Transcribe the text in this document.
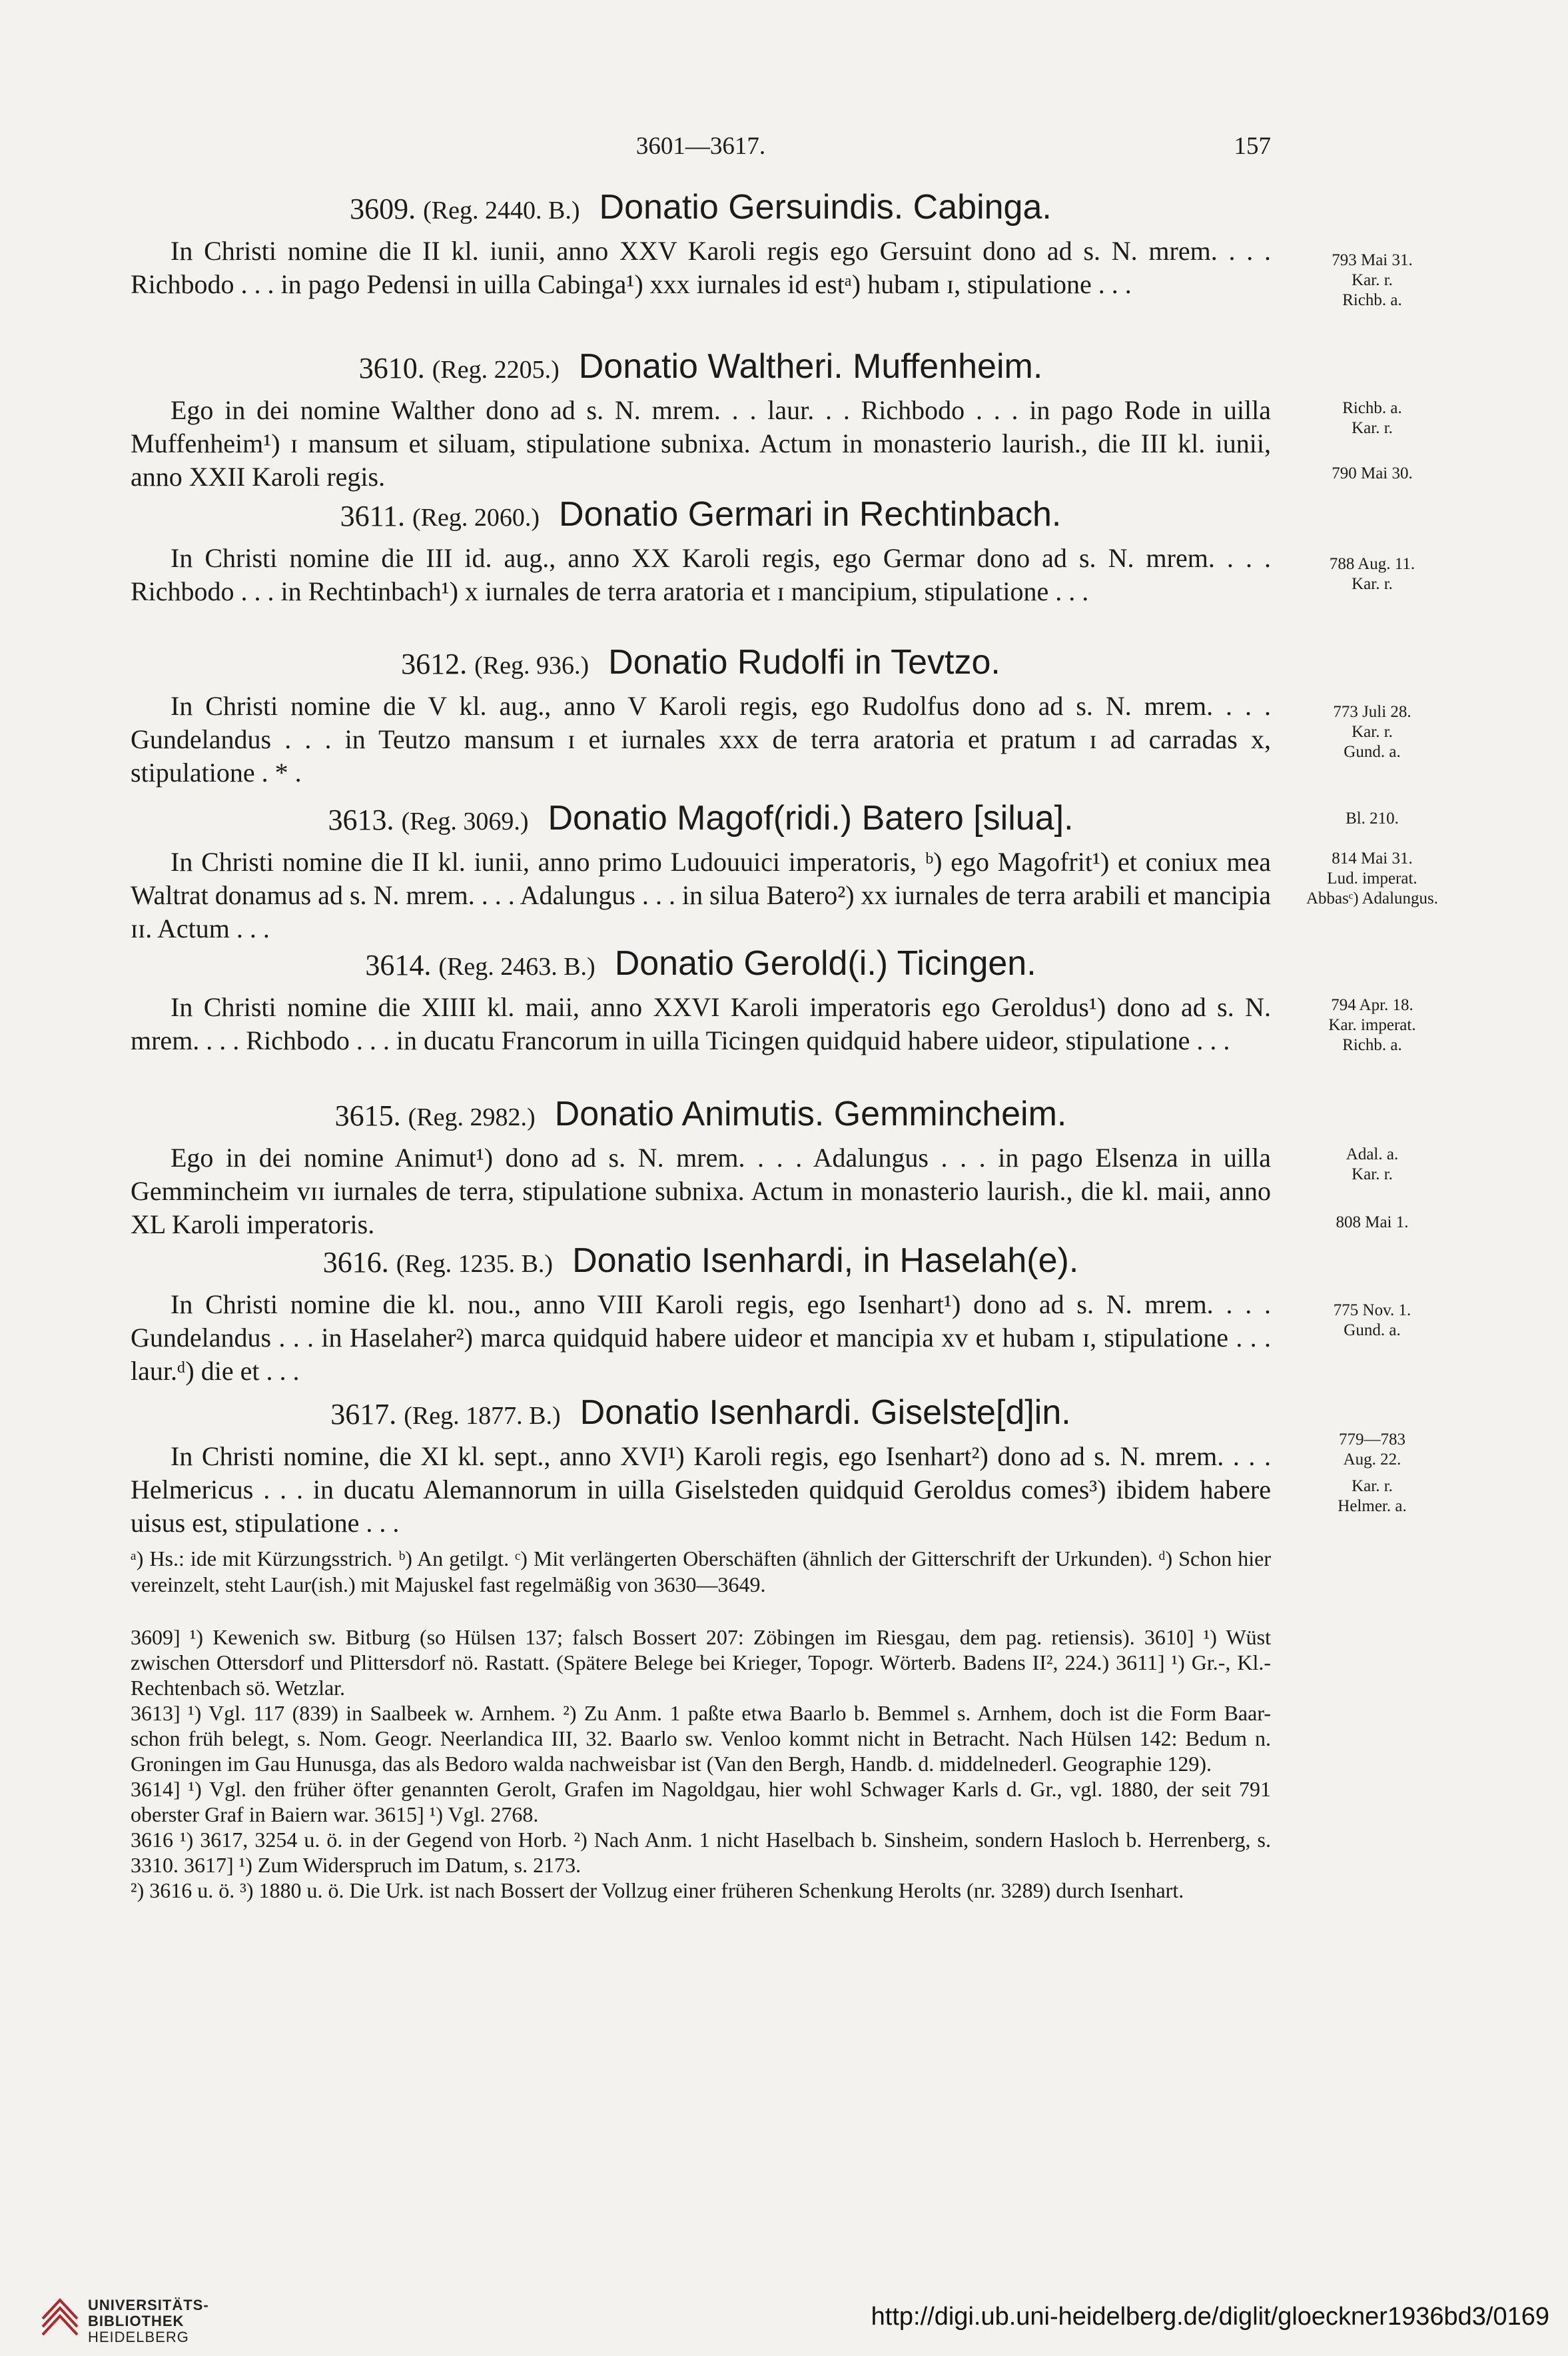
3601—3617.	157
3609. (Reg. 2440. B.) Donatio Gersuindis. Cabinga.

In Christi nomine die II kl. iunii, anno XXV Karoli regis ego Gersuint dono ad s. N. mrem. . . . Richbodo . . . in pago Pedensi in uilla Cabinga¹) xxx iurnales id estᵃ) hubam ɪ, stipulatione . . .

793 Mai 31.
Kar. r.
Richb. a.
3610. (Reg. 2205.) Donatio Waltheri. Muffenheim.

Ego in dei nomine Walther dono ad s. N. mrem. . . laur. . . Richbodo . . . in pago Rode in uilla Muffenheim¹) ɪ mansum et siluam, stipulatione subnixa. Actum in monasterio laurish., die III kl. iunii, anno XXII Karoli regis.

Richb. a.
Kar. r.
790 Mai 30.
3611. (Reg. 2060.) Donatio Germari in Rechtinbach.

In Christi nomine die III id. aug., anno XX Karoli regis, ego Germar dono ad s. N. mrem. . . . Richbodo . . . in Rechtinbach¹) x iurnales de terra aratoria et ɪ mancipium, stipulatione . . .

788 Aug. 11.
Kar. r.
3612. (Reg. 936.) Donatio Rudolfi in Tevtzo.

In Christi nomine die V kl. aug., anno V Karoli regis, ego Rudolfus dono ad s. N. mrem. . . . Gundelandus . . . in Teutzo mansum ɪ et iurnales xxx de terra aratoria et pratum ɪ ad carradas x, stipulatione . * .

773 Juli 28.
Kar. r.
Gund. a.
3613. (Reg. 3069.) Donatio Magof(ridi.) Batero [silua].

In Christi nomine die II kl. iunii, anno primo Ludouuici imperatoris, ᵇ) ego Magofrit¹) et coniux mea Waltrat donamus ad s. N. mrem. . . . Adalungus . . . in silua Batero²) xx iurnales de terra arabili et mancipia ɪɪ. Actum . . .

Bl. 210.
814 Mai 31.
Lud. imperat.
Abbasᶜ) Adalungus.
3614. (Reg. 2463. B.) Donatio Gerold(i.) Ticingen.

In Christi nomine die XIIII kl. maii, anno XXVI Karoli imperatoris ego Geroldus¹) dono ad s. N. mrem. . . . Richbodo . . . in ducatu Francorum in uilla Ticingen quidquid habere uideor, stipulatione . . .

794 Apr. 18.
Kar. imperat.
Richb. a.
3615. (Reg. 2982.) Donatio Animutis. Gemmincheim.

Ego in dei nomine Animut¹) dono ad s. N. mrem. . . . Adalungus . . . in pago Elsenza in uilla Gemmincheim vɪɪ iurnales de terra, stipulatione subnixa. Actum in monasterio laurish., die kl. maii, anno XL Karoli imperatoris.

Adal. a.
Kar. r.
808 Mai 1.
3616. (Reg. 1235. B.) Donatio Isenhardi, in Haselah(e).

In Christi nomine die kl. nou., anno VIII Karoli regis, ego Isenhart¹) dono ad s. N. mrem. . . . Gundelandus . . . in Haselaher²) marca quidquid habere uideor et mancipia xv et hubam ɪ, stipulatione . . . laur.ᵈ) die et . . .

775 Nov. 1.
Gund. a.
3617. (Reg. 1877. B.) Donatio Isenhardi. Giselste[d]in.

In Christi nomine, die XI kl. sept., anno XVI¹) Karoli regis, ego Isenhart²) dono ad s. N. mrem. . . . Helmericus . . . in ducatu Alemannorum in uilla Giselsteden quidquid Geroldus comes³) ibidem habere uisus est, stipulatione . . .

779—783
Aug. 22.
Kar. r.
Helmer. a.

ᵃ) Hs.: ide mit Kürzungsstrich. ᵇ) An getilgt. ᶜ) Mit verlängerten Oberschäften (ähnlich der Gitterschrift der Urkunden). ᵈ) Schon hier vereinzelt, steht Laur(ish.) mit Majuskel fast regelmäßig von 3630—3649.

3609] ¹) Kewenich sw. Bitburg (so Hülsen 137; falsch Bossert 207: Zöbingen im Riesgau, dem pag. retiensis). 3610] ¹) Wüst zwischen Ottersdorf und Plittersdorf nö. Rastatt. (Spätere Belege bei Krieger, Topogr. Wörterb. Badens II², 224.) 3611] ¹) Gr.-, Kl.-Rechtenbach sö. Wetzlar.

3613] ¹) Vgl. 117 (839) in Saalbeek w. Arnhem. ²) Zu Anm. 1 paßte etwa Baarlo b. Bemmel s. Arnhem, doch ist die Form Baar- schon früh belegt, s. Nom. Geogr. Neerlandica III, 32. Baarlo sw. Venloo kommt nicht in Betracht. Nach Hülsen 142: Bedum n. Groningen im Gau Hunusga, das als Bedoro walda nachweisbar ist (Van den Bergh, Handb. d. middelnederl. Geographie 129).

3614] ¹) Vgl. den früher öfter genannten Gerolt, Grafen im Nagoldgau, hier wohl Schwager Karls d. Gr., vgl. 1880, der seit 791 oberster Graf in Baiern war. 3615] ¹) Vgl. 2768.

3616 ¹) 3617, 3254 u. ö. in der Gegend von Horb. ²) Nach Anm. 1 nicht Haselbach b. Sinsheim, sondern Hasloch b. Herrenberg, s. 3310. 3617] ¹) Zum Widerspruch im Datum, s. 2173.

²) 3616 u. ö. ³) 1880 u. ö. Die Urk. ist nach Bossert der Vollzug einer früheren Schenkung Herolts (nr. 3289) durch Isenhart.

UNIVERSITÄTS-
BIBLIOTHEK
HEIDELBERG
http://digi.ub.uni-heidelberg.de/diglit/gloeckner1936bd3/0169
